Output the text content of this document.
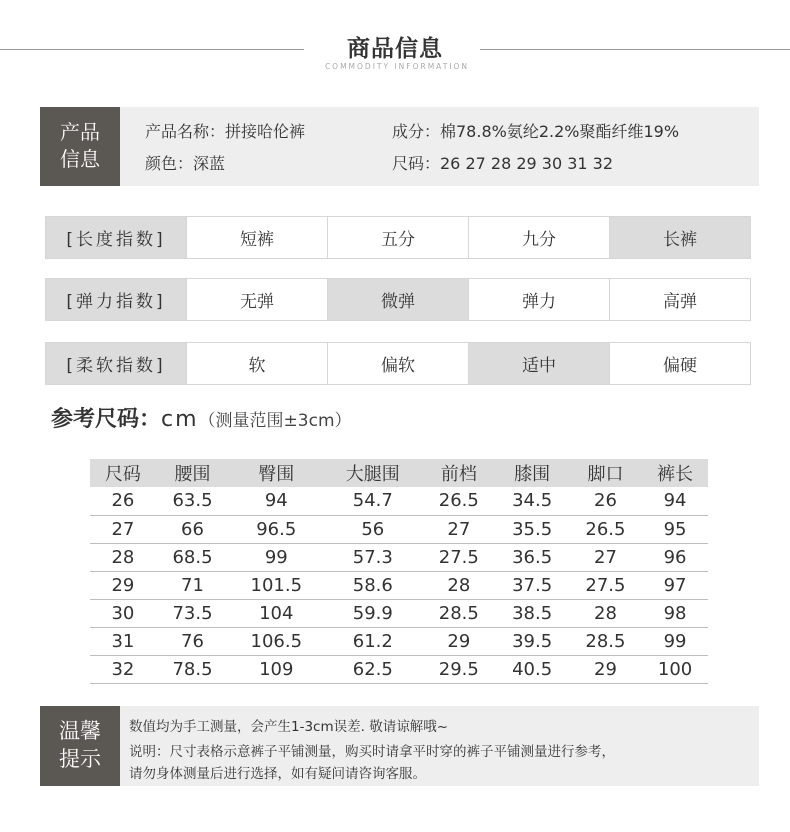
商品信息
COMMODITY INFORMATION
产品
信息
产品名称：拼接哈伦裤	成分：棉78.8%氨纶2.2%聚酯纤维19%
颜色：深蓝	尺码：26 27 28 29 30 31 32
[长度指数]	短裤	五分	九分	长裤
[弹力指数]	无弹	微弹	弹力	高弹
[柔软指数]	软	偏软	适中	偏硬
参考尺码：cm（测量范围±3cm）
尺码	腰围	臀围	大腿围	前档	膝围	脚口	裤长
26	63.5	94	54.7	26.5	34.5	26	94
27	66	96.5	56	27	35.5	26.5	95
28	68.5	99	57.3	27.5	36.5	27	96
29	71	101.5	58.6	28	37.5	27.5	97
30	73.5	104	59.9	28.5	38.5	28	98
31	76	106.5	61.2	29	39.5	28.5	99
32	78.5	109	62.5	29.5	40.5	29	100
温馨
提示
数值均为手工测量，会产生1-3cm误差. 敬请谅解哦~
说明：尺寸表格示意裤子平铺测量，购买时请拿平时穿的裤子平铺测量进行参考，
请勿身体测量后进行选择，如有疑问请咨询客服。
